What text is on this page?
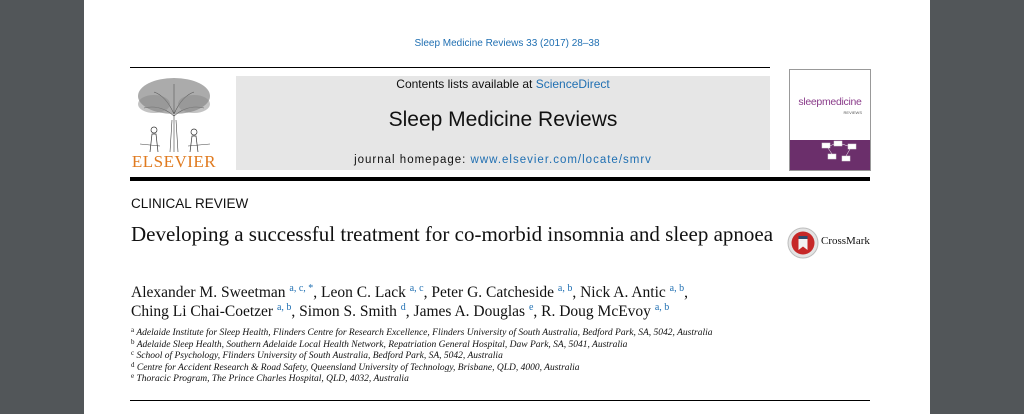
Sleep Medicine Reviews 33 (2017) 28–38
ELSEVIER
Contents lists available at ScienceDirect
Sleep Medicine Reviews
journal homepage: www.elsevier.com/locate/smrv
sleepmedicine
REVIEWS
CLINICAL REVIEW
Developing a successful treatment for co-morbid insomnia and sleep apnoea	CrossMark
Alexander M. Sweetman $^{a, c, *}$, Leon C. Lack $^{a, c}$, Peter G. Catcheside $^{a, b}$, Nick A. Antic $^{a, b}$,
Ching Li Chai-Coetzer $^{a, b}$, Simon S. Smith $^d$, James A. Douglas $^e$, R. Doug McEvoy $^{a, b}$
$^a$ Adelaide Institute for Sleep Health, Flinders Centre for Research Excellence, Flinders University of South Australia, Bedford Park, SA, 5042, Australia
$^b$ Adelaide Sleep Health, Southern Adelaide Local Health Network, Repatriation General Hospital, Daw Park, SA, 5041, Australia
$^c$ School of Psychology, Flinders University of South Australia, Bedford Park, SA, 5042, Australia
$^d$ Centre for Accident Research & Road Safety, Queensland University of Technology, Brisbane, QLD, 4000, Australia
$^e$ Thoracic Program, The Prince Charles Hospital, QLD, 4032, Australia
